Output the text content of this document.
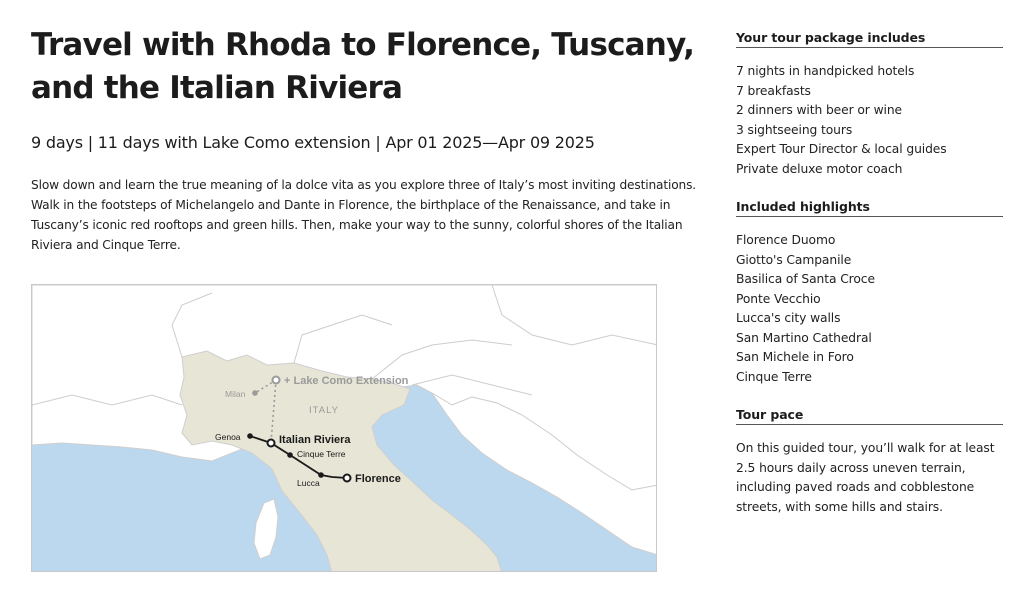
Travel with Rhoda to Florence, Tuscany, and the Italian Riviera
9 days | 11 days with Lake Como extension | Apr 01 2025—Apr 09 2025

Slow down and learn the true meaning of la dolce vita as you explore three of Italy’s most inviting destinations. Walk in the footsteps of Michelangelo and Dante in Florence, the birthplace of the Renaissance, and take in Tuscany’s iconic red rooftops and green hills. Then, make your way to the sunny, colorful shores of the Italian Riviera and Cinque Terre.

+ Lake Como Extension
Milan
ITALY
Genoa	Italian Riviera
Cinque Terre
Lucca	Florence
Your tour package includes
7 nights in handpicked hotels
7 breakfasts
2 dinners with beer or wine
3 sightseeing tours
Expert Tour Director & local guides
Private deluxe motor coach
Included highlights
Florence Duomo
Giotto's Campanile
Basilica of Santa Croce
Ponte Vecchio
Lucca's city walls
San Martino Cathedral
San Michele in Foro
Cinque Terre
Tour pace

On this guided tour, you’ll walk for at least 2.5 hours daily across uneven terrain, including paved roads and cobblestone streets, with some hills and stairs.
